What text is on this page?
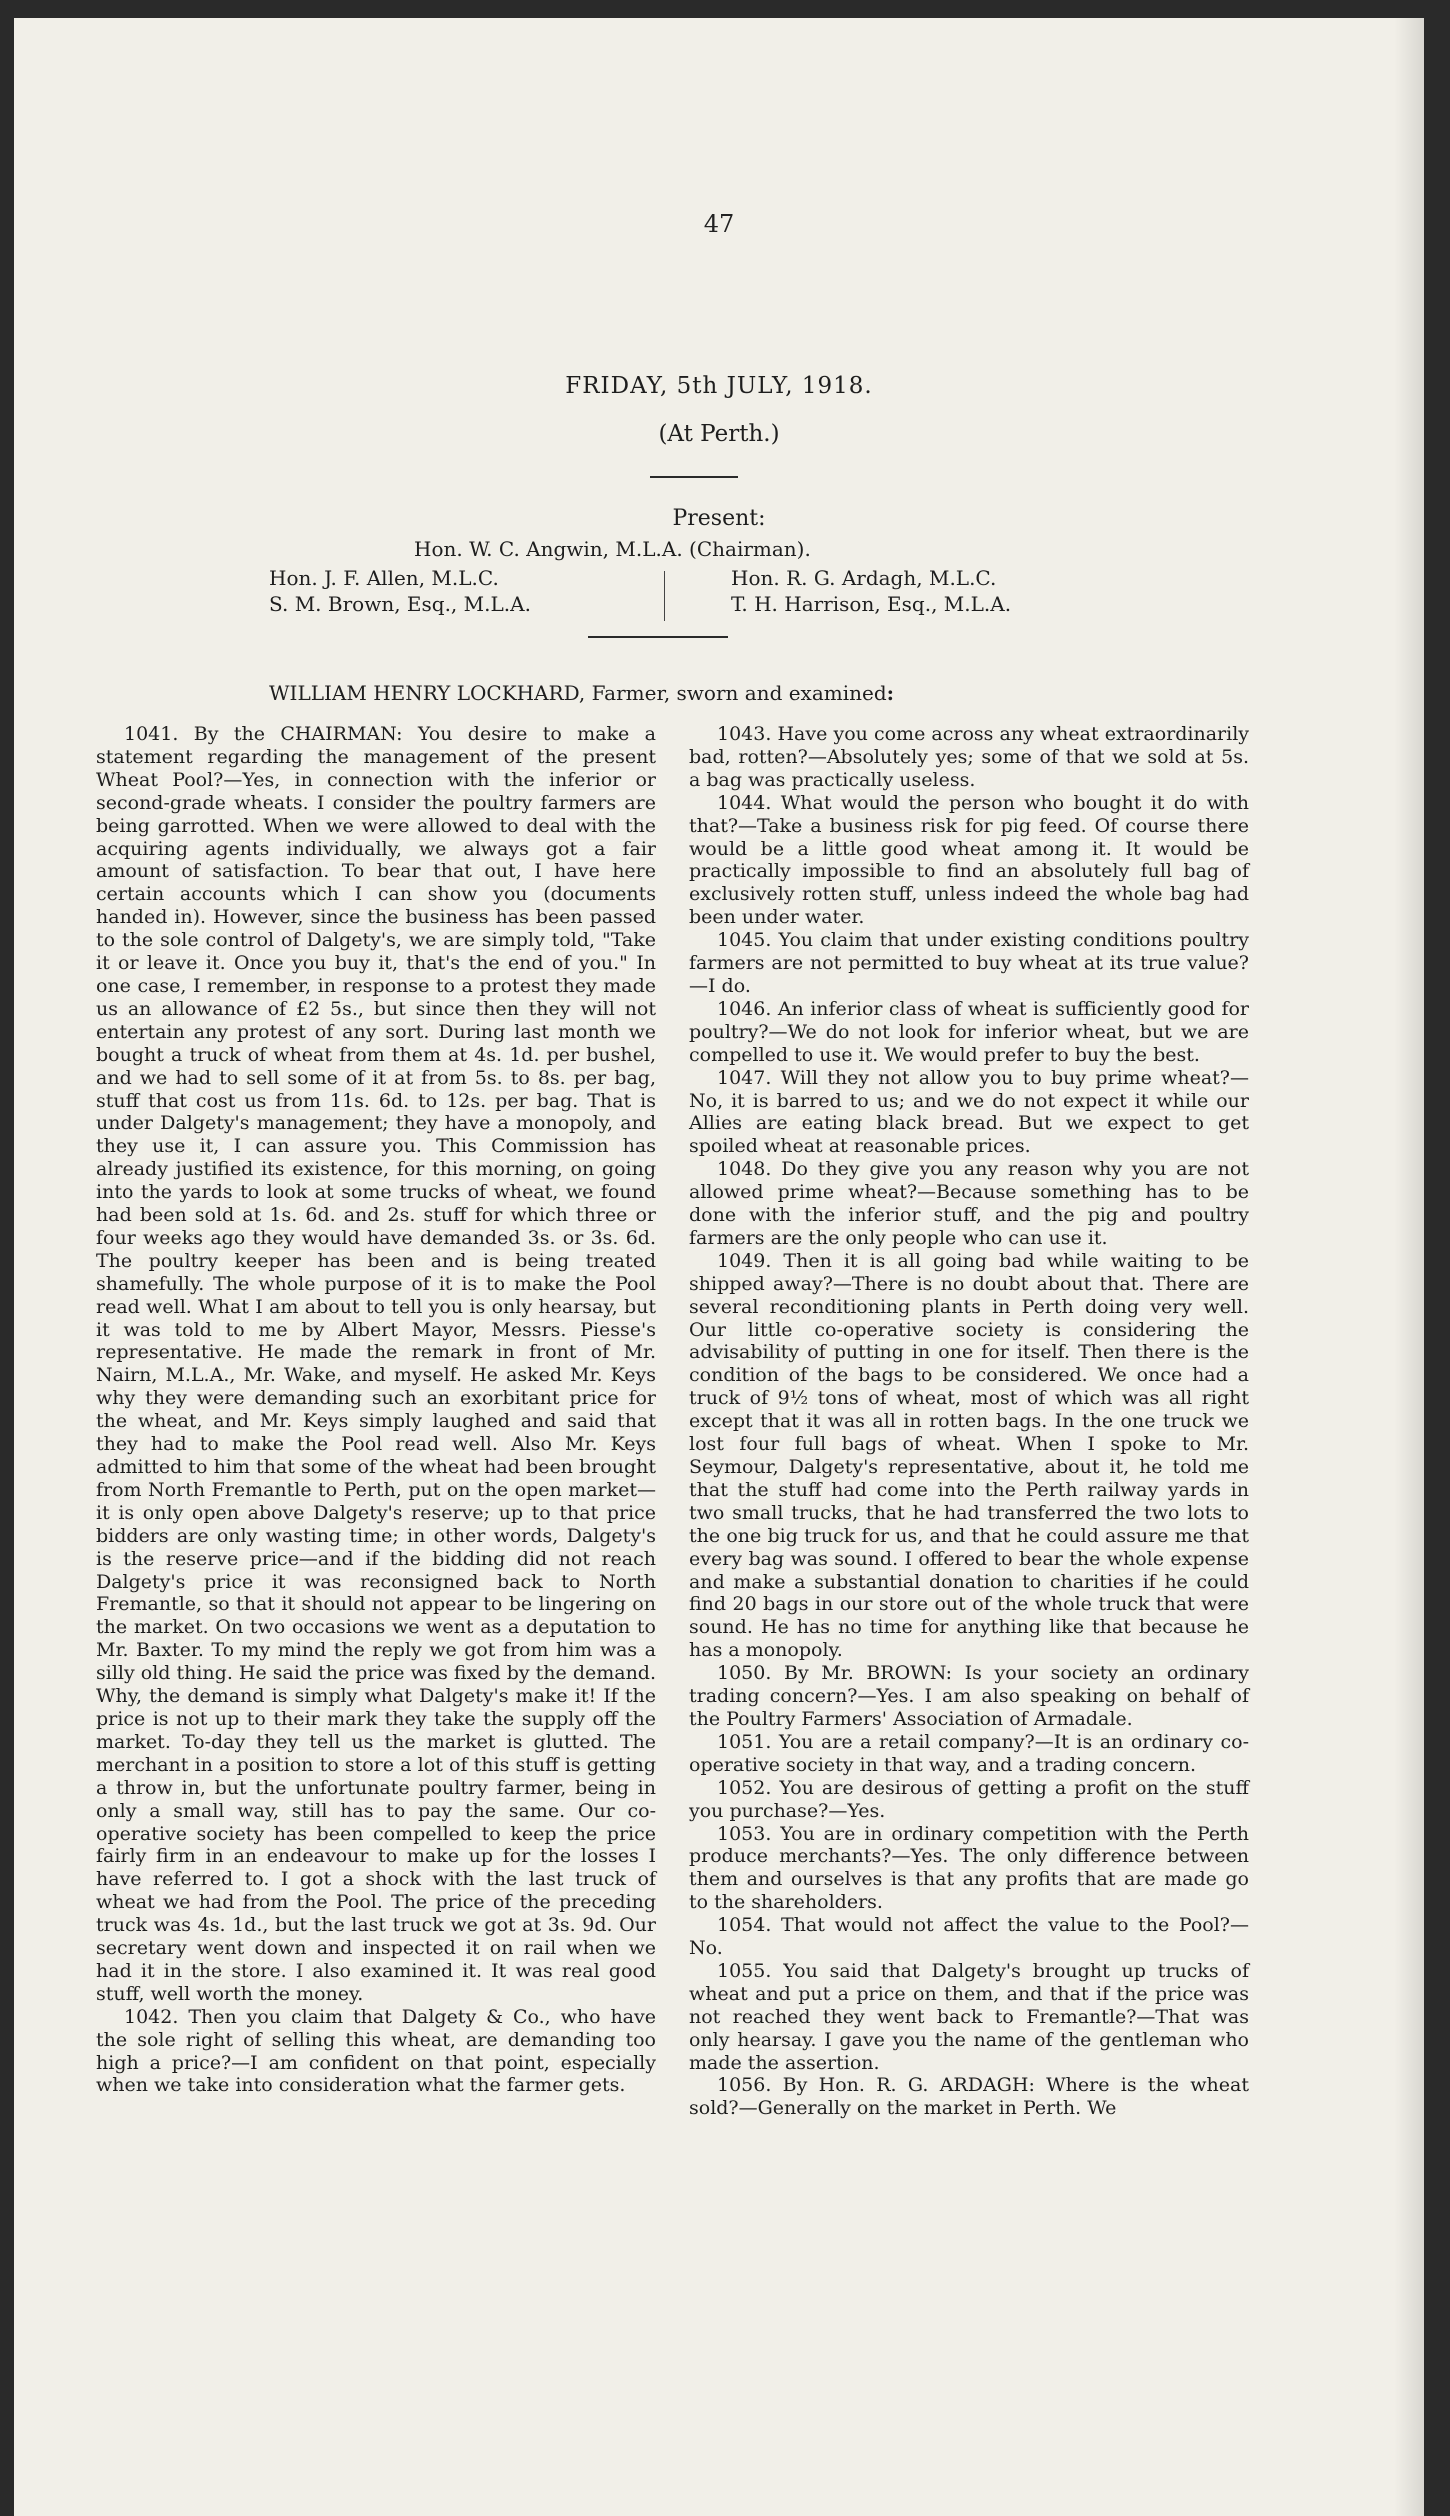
47
FRIDAY, 5th JULY, 1918.
(At Perth.)
Present:
Hon. W. C. Angwin, M.L.A. (Chairman).
Hon. J. F. Allen, M.L.C.
S. M. Brown, Esq., M.L.A.
Hon. R. G. Ardagh, M.L.C.
T. H. Harrison, Esq., M.L.A.
WILLIAM HENRY LOCKHARD, Farmer, sworn and examined:

1041. By the CHAIRMAN: You desire to make a statement regarding the management of the present Wheat Pool?—Yes, in connection with the inferior or second-grade wheats. I consider the poultry farmers are being garrotted. When we were allowed to deal with the acquiring agents individually, we always got a fair amount of satisfaction. To bear that out, I have here certain accounts which I can show you (documents handed in). However, since the business has been passed to the sole control of Dalgety's, we are simply told, "Take it or leave it. Once you buy it, that's the end of you." In one case, I remember, in response to a protest they made us an allowance of £2 5s., but since then they will not entertain any protest of any sort. During last month we bought a truck of wheat from them at 4s. 1d. per bushel, and we had to sell some of it at from 5s. to 8s. per bag, stuff that cost us from 11s. 6d. to 12s. per bag. That is under Dalgety's management; they have a monopoly, and they use it, I can assure you. This Commission has already justified its existence, for this morning, on going into the yards to look at some trucks of wheat, we found had been sold at 1s. 6d. and 2s. stuff for which three or four weeks ago they would have demanded 3s. or 3s. 6d. The poultry keeper has been and is being treated shamefully. The whole purpose of it is to make the Pool read well. What I am about to tell you is only hearsay, but it was told to me by Albert Mayor, Messrs. Piesse's representative. He made the remark in front of Mr. Nairn, M.L.A., Mr. Wake, and myself. He asked Mr. Keys why they were demanding such an exorbitant price for the wheat, and Mr. Keys simply laughed and said that they had to make the Pool read well. Also Mr. Keys admitted to him that some of the wheat had been brought from North Fremantle to Perth, put on the open market—it is only open above Dalgety's reserve; up to that price bidders are only wasting time; in other words, Dalgety's is the reserve price—and if the bidding did not reach Dalgety's price it was reconsigned back to North Fremantle, so that it should not appear to be lingering on the market. On two occasions we went as a deputation to Mr. Baxter. To my mind the reply we got from him was a silly old thing. He said the price was fixed by the demand. Why, the demand is simply what Dalgety's make it! If the price is not up to their mark they take the supply off the market. To-day they tell us the market is glutted. The merchant in a position to store a lot of this stuff is getting a throw in, but the unfortunate poultry farmer, being in only a small way, still has to pay the same. Our co-operative society has been compelled to keep the price fairly firm in an endeavour to make up for the losses I have referred to. I got a shock with the last truck of wheat we had from the Pool. The price of the preceding truck was 4s. 1d., but the last truck we got at 3s. 9d. Our secretary went down and inspected it on rail when we had it in the store. I also examined it. It was real good stuff, well worth the money.

1042. Then you claim that Dalgety & Co., who have the sole right of selling this wheat, are demanding too high a price?—I am confident on that point, especially when we take into consideration what the farmer gets.

1043. Have you come across any wheat extraordinarily bad, rotten?—Absolutely yes; some of that we sold at 5s. a bag was practically useless.

1044. What would the person who bought it do with that?—Take a business risk for pig feed. Of course there would be a little good wheat among it. It would be practically impossible to find an absolutely full bag of exclusively rotten stuff, unless indeed the whole bag had been under water.

1045. You claim that under existing conditions poultry farmers are not permitted to buy wheat at its true value?—I do.

1046. An inferior class of wheat is sufficiently good for poultry?—We do not look for inferior wheat, but we are compelled to use it. We would prefer to buy the best.

1047. Will they not allow you to buy prime wheat?—No, it is barred to us; and we do not expect it while our Allies are eating black bread. But we expect to get spoiled wheat at reasonable prices.

1048. Do they give you any reason why you are not allowed prime wheat?—Because something has to be done with the inferior stuff, and the pig and poultry farmers are the only people who can use it.

1049. Then it is all going bad while waiting to be shipped away?—There is no doubt about that. There are several reconditioning plants in Perth doing very well. Our little co-operative society is considering the advisability of putting in one for itself. Then there is the condition of the bags to be considered. We once had a truck of 9½ tons of wheat, most of which was all right except that it was all in rotten bags. In the one truck we lost four full bags of wheat. When I spoke to Mr. Seymour, Dalgety's representative, about it, he told me that the stuff had come into the Perth railway yards in two small trucks, that he had transferred the two lots to the one big truck for us, and that he could assure me that every bag was sound. I offered to bear the whole expense and make a substantial donation to charities if he could find 20 bags in our store out of the whole truck that were sound. He has no time for anything like that because he has a monopoly.

1050. By Mr. BROWN: Is your society an ordinary trading concern?—Yes. I am also speaking on behalf of the Poultry Farmers' Association of Armadale.

1051. You are a retail company?—It is an ordinary co-operative society in that way, and a trading concern.

1052. You are desirous of getting a profit on the stuff you purchase?—Yes.

1053. You are in ordinary competition with the Perth produce merchants?—Yes. The only difference between them and ourselves is that any profits that are made go to the shareholders.

1054. That would not affect the value to the Pool?—No.

1055. You said that Dalgety's brought up trucks of wheat and put a price on them, and that if the price was not reached they went back to Fremantle?—That was only hearsay. I gave you the name of the gentleman who made the assertion.

1056. By Hon. R. G. ARDAGH: Where is the wheat sold?—Generally on the market in Perth. We
